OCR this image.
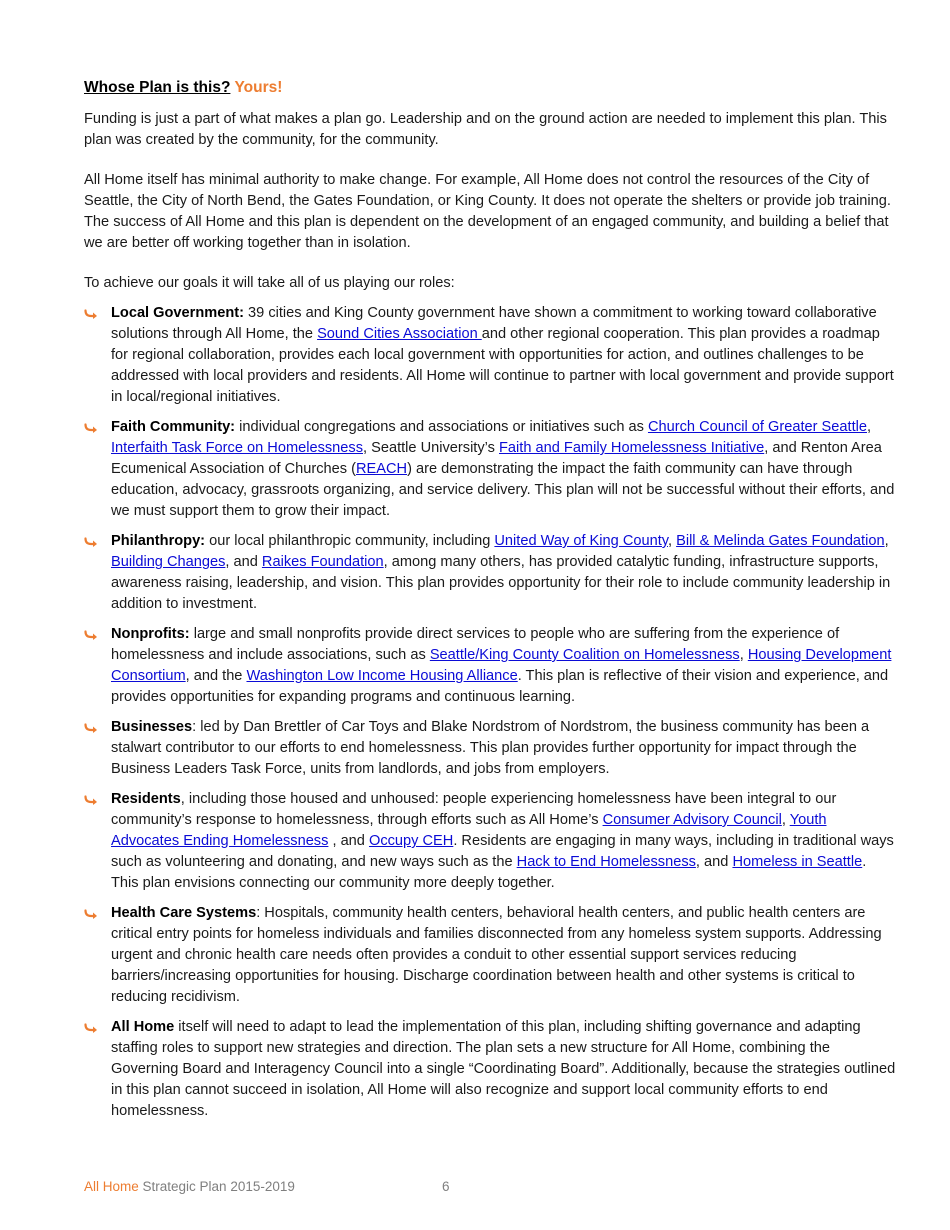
Whose Plan is this? Yours!

Funding is just a part of what makes a plan go. Leadership and on the ground action are needed to implement this plan. This plan was created by the community, for the community.

All Home itself has minimal authority to make change. For example, All Home does not control the resources of the City of Seattle, the City of North Bend, the Gates Foundation, or King County. It does not operate the shelters or provide job training. The success of All Home and this plan is dependent on the development of an engaged community, and building a belief that we are better off working together than in isolation.

To achieve our goals it will take all of us playing our roles:

Local Government: 39 cities and King County government have shown a commitment to working toward collaborative solutions through All Home, the Sound Cities Association and other regional cooperation. This plan provides a roadmap for regional collaboration, provides each local government with opportunities for action, and outlines challenges to be addressed with local providers and residents. All Home will continue to partner with local government and provide support in local/regional initiatives.
Faith Community: individual congregations and associations or initiatives such as Church Council of Greater Seattle, Interfaith Task Force on Homelessness, Seattle University’s Faith and Family Homelessness Initiative, and Renton Area Ecumenical Association of Churches (REACH) are demonstrating the impact the faith community can have through education, advocacy, grassroots organizing, and service delivery. This plan will not be successful without their efforts, and we must support them to grow their impact.
Philanthropy: our local philanthropic community, including United Way of King County, Bill & Melinda Gates Foundation, Building Changes, and Raikes Foundation, among many others, has provided catalytic funding, infrastructure supports, awareness raising, leadership, and vision. This plan provides opportunity for their role to include community leadership in addition to investment.
Nonprofits: large and small nonprofits provide direct services to people who are suffering from the experience of homelessness and include associations, such as Seattle/King County Coalition on Homelessness, Housing Development Consortium, and the Washington Low Income Housing Alliance. This plan is reflective of their vision and experience, and provides opportunities for expanding programs and continuous learning.
Businesses: led by Dan Brettler of Car Toys and Blake Nordstrom of Nordstrom, the business community has been a stalwart contributor to our efforts to end homelessness. This plan provides further opportunity for impact through the Business Leaders Task Force, units from landlords, and jobs from employers.
Residents, including those housed and unhoused: people experiencing homelessness have been integral to our community’s response to homelessness, through efforts such as All Home’s Consumer Advisory Council, Youth Advocates Ending Homelessness , and Occupy CEH. Residents are engaging in many ways, including in traditional ways such as volunteering and donating, and new ways such as the Hack to End Homelessness, and Homeless in Seattle. This plan envisions connecting our community more deeply together.
Health Care Systems: Hospitals, community health centers, behavioral health centers, and public health centers are critical entry points for homeless individuals and families disconnected from any homeless system supports. Addressing urgent and chronic health care needs often provides a conduit to other essential support services reducing barriers/increasing opportunities for housing. Discharge coordination between health and other systems is critical to reducing recidivism.
All Home itself will need to adapt to lead the implementation of this plan, including shifting governance and adapting staffing roles to support new strategies and direction. The plan sets a new structure for All Home, combining the Governing Board and Interagency Council into a single “Coordinating Board”. Additionally, because the strategies outlined in this plan cannot succeed in isolation, All Home will also recognize and support local community efforts to end homelessness.
All Home Strategic Plan 2015-2019	6
